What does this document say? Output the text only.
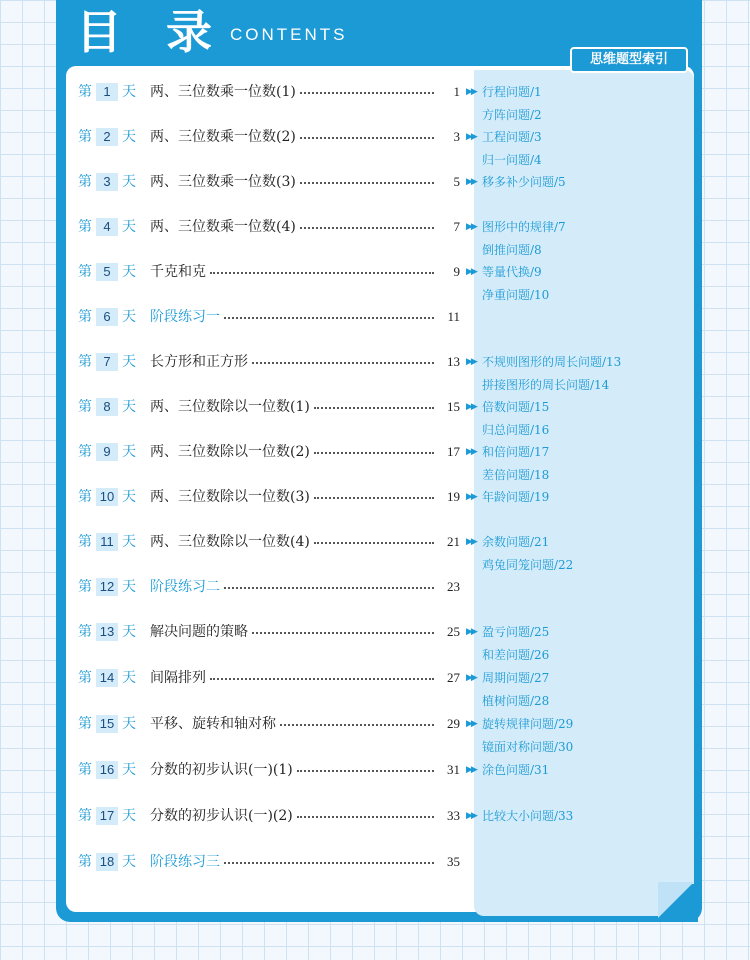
目 录 CONTENTS
思维题型索引
第 1 天 两、三位数乘一位数(1)	1 ▶▶ 行程问题/1
方阵问题/2
第 2 天 两、三位数乘一位数(2)	3 ▶▶ 工程问题/3
归一问题/4
第 3 天 两、三位数乘一位数(3)	5 ▶▶ 移多补少问题/5
第 4 天 两、三位数乘一位数(4)	7 ▶▶ 图形中的规律/7
倒推问题/8
第 5 天 千克和克	9 ▶▶ 等量代换/9
净重问题/10
第 6 天 阶段练习一	11
第 7 天 长方形和正方形	13 ▶▶ 不规则图形的周长问题/13
拼接图形的周长问题/14
第 8 天 两、三位数除以一位数(1)	15 ▶▶ 倍数问题/15
归总问题/16
第 9 天 两、三位数除以一位数(2)	17 ▶▶ 和倍问题/17
差倍问题/18
第 10 天 两、三位数除以一位数(3)	19 ▶▶ 年龄问题/19
第 11 天 两、三位数除以一位数(4)	21 ▶▶ 余数问题/21
鸡兔同笼问题/22
第 12 天 阶段练习二	23
第 13 天 解决问题的策略	25 ▶▶ 盈亏问题/25
和差问题/26
第 14 天 间隔排列	27 ▶▶ 周期问题/27
植树问题/28
第 15 天 平移、旋转和轴对称	29 ▶▶ 旋转规律问题/29
镜面对称问题/30
第 16 天 分数的初步认识(一)(1)	31 ▶▶ 涂色问题/31
第 17 天 分数的初步认识(一)(2)	33 ▶▶ 比较大小问题/33
第 18 天 阶段练习三	35
